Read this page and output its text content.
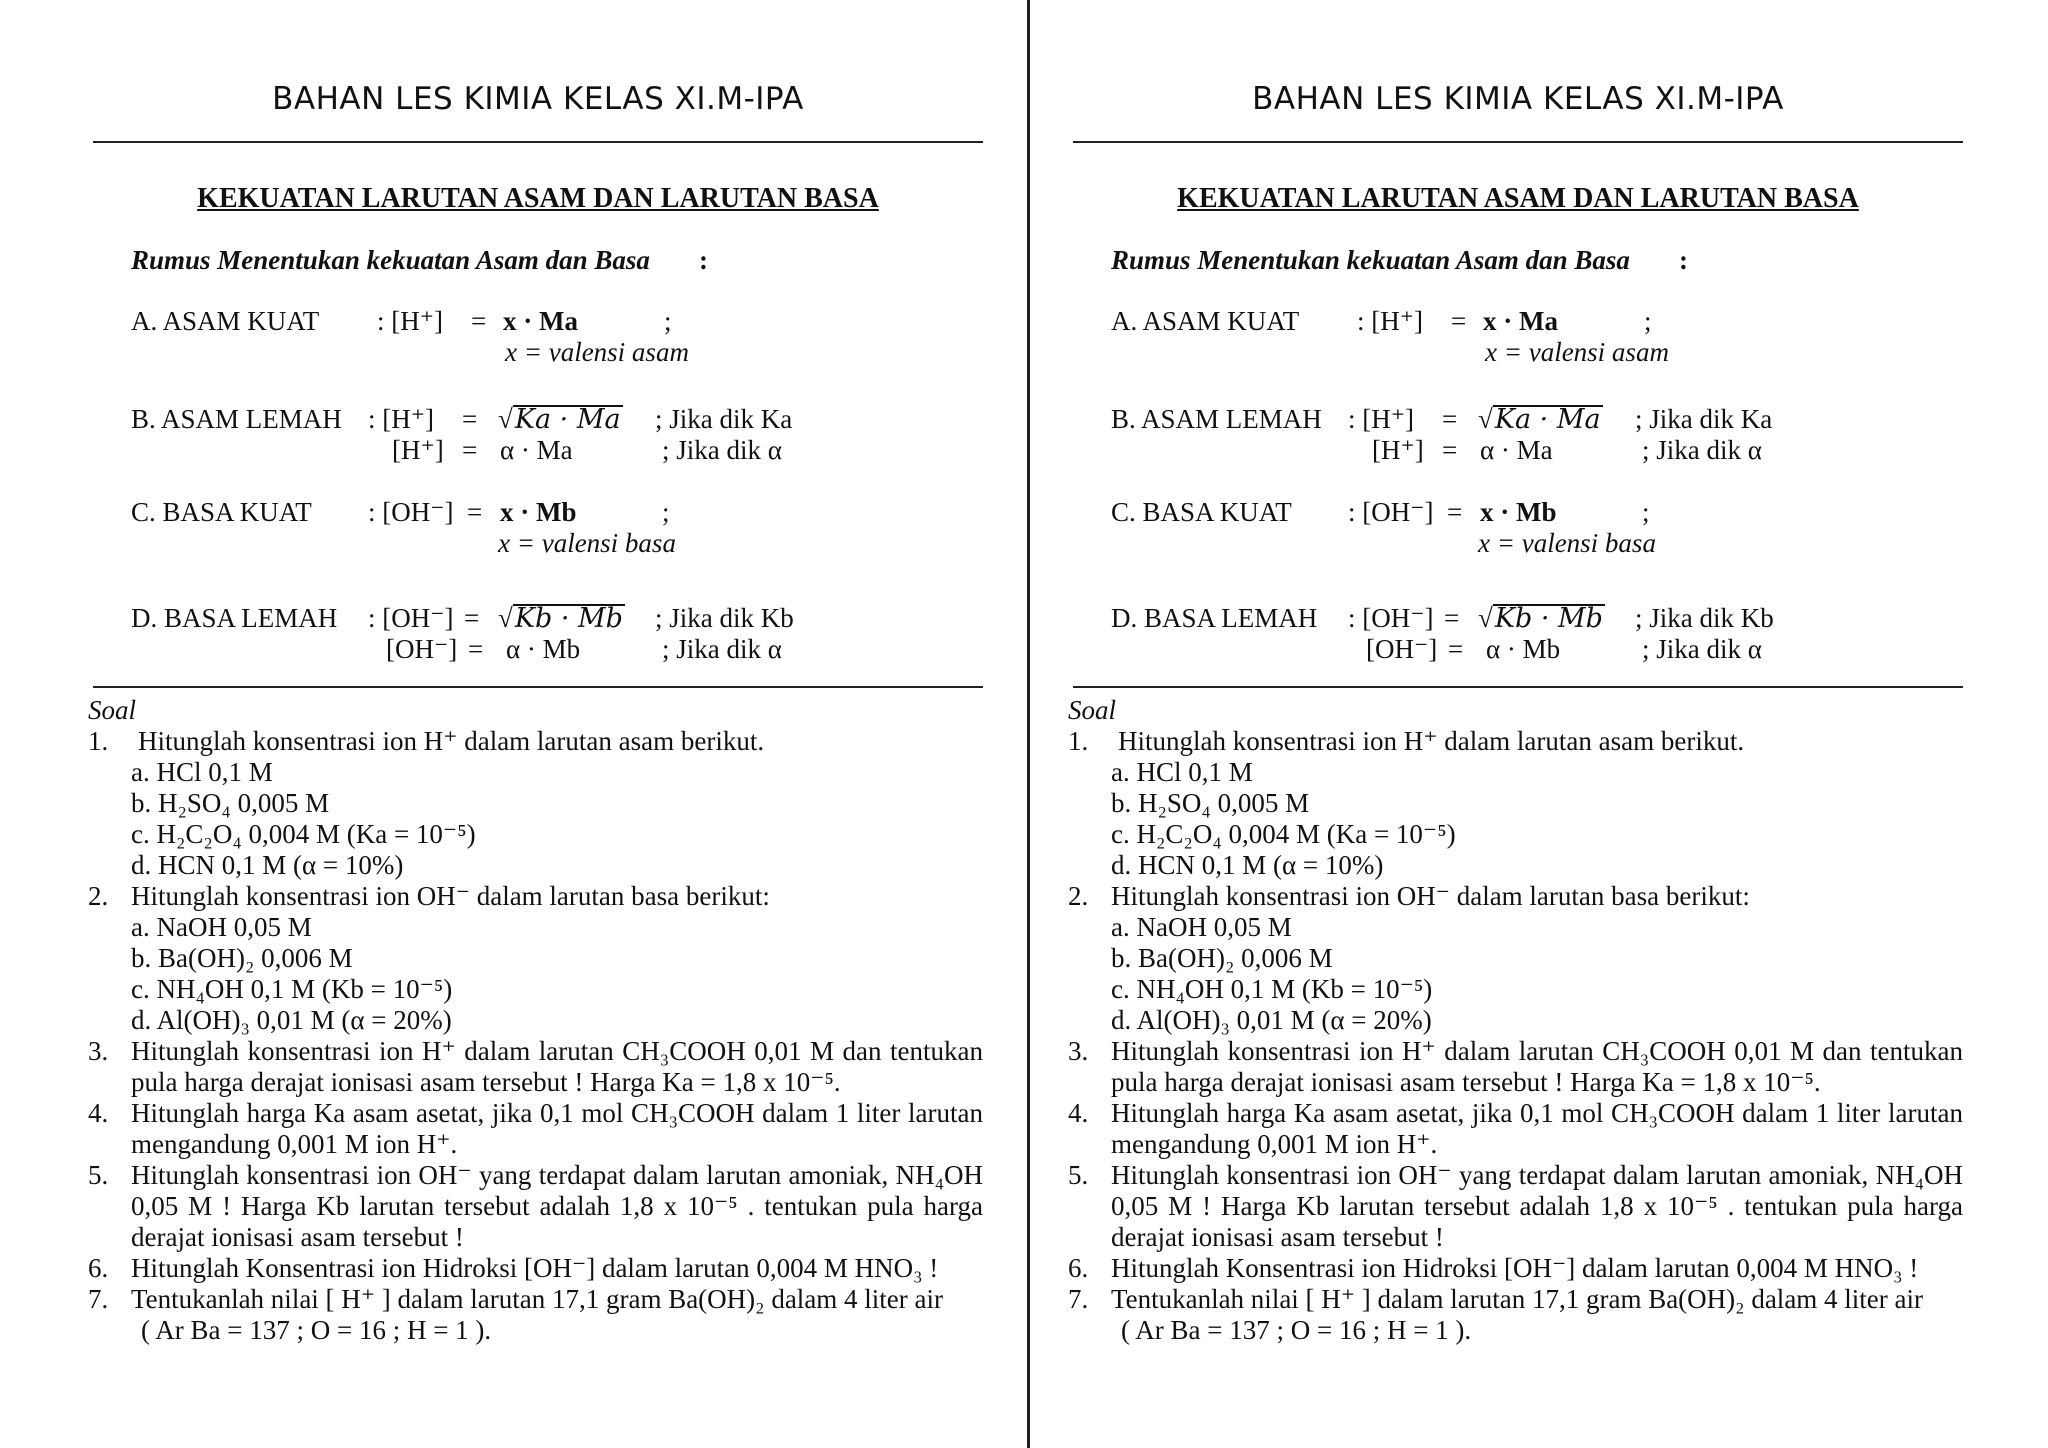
BAHAN LES KIMIA KELAS XI.M-IPA
KEKUATAN LARUTAN ASAM DAN LARUTAN BASA
Rumus Menentukan kekuatan Asam dan Basa :
A. ASAM KUAT : [H⁺] = x · Ma	;
x = valensi asam
B. ASAM LEMAH : [H⁺] = √Ka · Ma ; Jika dik Ka
[H⁺] = α · Ma	; Jika dik α
C. BASA KUAT : [OH⁻] = x · Mb	;
x = valensi basa
D. BASA LEMAH : [OH⁻] = √Kb · Mb ; Jika dik Kb
[OH⁻] = α · Mb	; Jika dik α
Soal
1. Hitunglah konsentrasi ion H⁺ dalam larutan asam berikut.
a. HCl 0,1 M
b. H₂SO₄ 0,005 M
c. H₂C₂O₄ 0,004 M (Ka = 10⁻⁵)
d. HCN 0,1 M (α = 10%)
2. Hitunglah konsentrasi ion OH⁻ dalam larutan basa berikut:
a. NaOH 0,05 M
b. Ba(OH)₂ 0,006 M
c. NH₄OH 0,1 M (Kb = 10⁻⁵)
d. Al(OH)₃ 0,01 M (α = 20%)
3. Hitunglah konsentrasi ion H⁺ dalam larutan CH₃COOH 0,01 M dan tentukan pula harga derajat ionisasi asam tersebut ! Harga Ka = 1,8 x 10⁻⁵.
4. Hitunglah harga Ka asam asetat, jika 0,1 mol CH₃COOH dalam 1 liter larutan mengandung 0,001 M ion H⁺.
5. Hitunglah konsentrasi ion OH⁻ yang terdapat dalam larutan amoniak, NH₄OH 0,05 M ! Harga Kb larutan tersebut adalah 1,8 x 10⁻⁵ . tentukan pula harga derajat ionisasi asam tersebut !
6. Hitunglah Konsentrasi ion Hidroksi [OH⁻] dalam larutan 0,004 M HNO₃ !
7. Tentukanlah nilai [ H⁺ ] dalam larutan 17,1 gram Ba(OH)₂ dalam 4 liter air
( Ar Ba = 137 ; O = 16 ; H = 1 ).
BAHAN LES KIMIA KELAS XI.M-IPA
KEKUATAN LARUTAN ASAM DAN LARUTAN BASA
Rumus Menentukan kekuatan Asam dan Basa :
A. ASAM KUAT : [H⁺] = x · Ma	;
x = valensi asam
B. ASAM LEMAH : [H⁺] = √Ka · Ma ; Jika dik Ka
[H⁺] = α · Ma	; Jika dik α
C. BASA KUAT : [OH⁻] = x · Mb	;
x = valensi basa
D. BASA LEMAH : [OH⁻] = √Kb · Mb ; Jika dik Kb
[OH⁻] = α · Mb	; Jika dik α
Soal
1. Hitunglah konsentrasi ion H⁺ dalam larutan asam berikut.
a. HCl 0,1 M
b. H₂SO₄ 0,005 M
c. H₂C₂O₄ 0,004 M (Ka = 10⁻⁵)
d. HCN 0,1 M (α = 10%)
2. Hitunglah konsentrasi ion OH⁻ dalam larutan basa berikut:
a. NaOH 0,05 M
b. Ba(OH)₂ 0,006 M
c. NH₄OH 0,1 M (Kb = 10⁻⁵)
d. Al(OH)₃ 0,01 M (α = 20%)
3. Hitunglah konsentrasi ion H⁺ dalam larutan CH₃COOH 0,01 M dan tentukan pula harga derajat ionisasi asam tersebut ! Harga Ka = 1,8 x 10⁻⁵.
4. Hitunglah harga Ka asam asetat, jika 0,1 mol CH₃COOH dalam 1 liter larutan mengandung 0,001 M ion H⁺.
5. Hitunglah konsentrasi ion OH⁻ yang terdapat dalam larutan amoniak, NH₄OH 0,05 M ! Harga Kb larutan tersebut adalah 1,8 x 10⁻⁵ . tentukan pula harga derajat ionisasi asam tersebut !
6. Hitunglah Konsentrasi ion Hidroksi [OH⁻] dalam larutan 0,004 M HNO₃ !
7. Tentukanlah nilai [ H⁺ ] dalam larutan 17,1 gram Ba(OH)₂ dalam 4 liter air
( Ar Ba = 137 ; O = 16 ; H = 1 ).
